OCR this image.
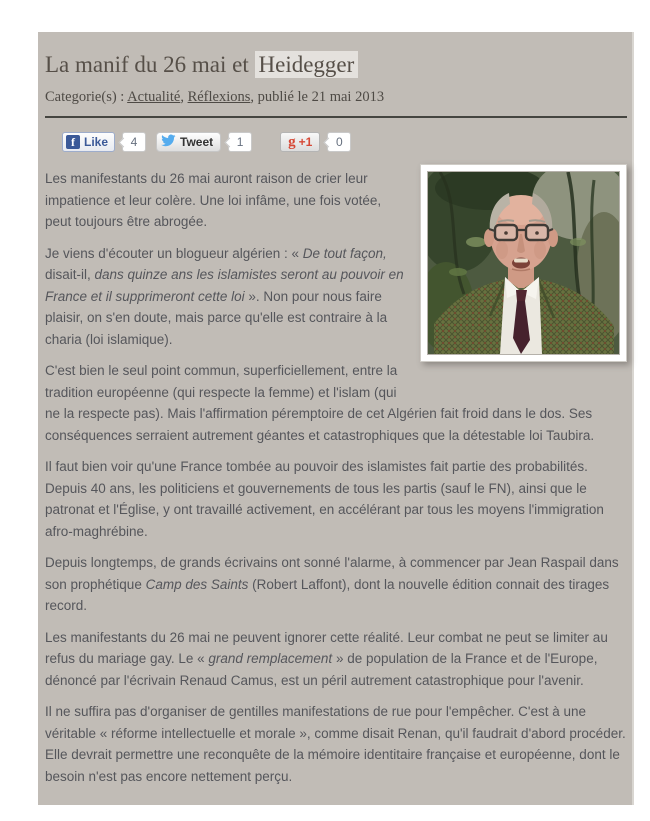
La manif du 26 mai et Heidegger
Categorie(s) : Actualité, Réflexions, publié le 21 mai 2013
f Like	4	Tweet	1	g +1	0

Les manifestants du 26 mai auront raison de crier leur impatience et leur colère. Une loi infâme, une fois votée, peut toujours être abrogée.

Je viens d'écouter un blogueur algérien : « De tout façon, disait-il, dans quinze ans les islamistes seront au pouvoir en France et il supprimeront cette loi ». Non pour nous faire plaisir, on s'en doute, mais parce qu'elle est contraire à la charia (loi islamique).

C'est bien le seul point commun, superficiellement, entre la tradition européenne (qui respecte la femme) et l'islam (qui ne la respecte pas). Mais l'affirmation péremptoire de cet Algérien fait froid dans le dos. Ses conséquences serraient autrement géantes et catastrophiques que la détestable loi Taubira.

Il faut bien voir qu'une France tombée au pouvoir des islamistes fait partie des probabilités. Depuis 40 ans, les politiciens et gouvernements de tous les partis (sauf le FN), ainsi que le patronat et l'Église, y ont travaillé activement, en accélérant par tous les moyens l'immigration afro-maghrébine.

Depuis longtemps, de grands écrivains ont sonné l'alarme, à commencer par Jean Raspail dans son prophétique Camp des Saints (Robert Laffont), dont la nouvelle édition connait des tirages record.

Les manifestants du 26 mai ne peuvent ignorer cette réalité. Leur combat ne peut se limiter au refus du mariage gay. Le « grand remplacement » de population de la France et de l'Europe, dénoncé par l'écrivain Renaud Camus, est un péril autrement catastrophique pour l'avenir.

Il ne suffira pas d'organiser de gentilles manifestations de rue pour l'empêcher. C'est à une véritable « réforme intellectuelle et morale », comme disait Renan, qu'il faudrait d'abord procéder. Elle devrait permettre une reconquête de la mémoire identitaire française et européenne, dont le besoin n'est pas encore nettement perçu.
